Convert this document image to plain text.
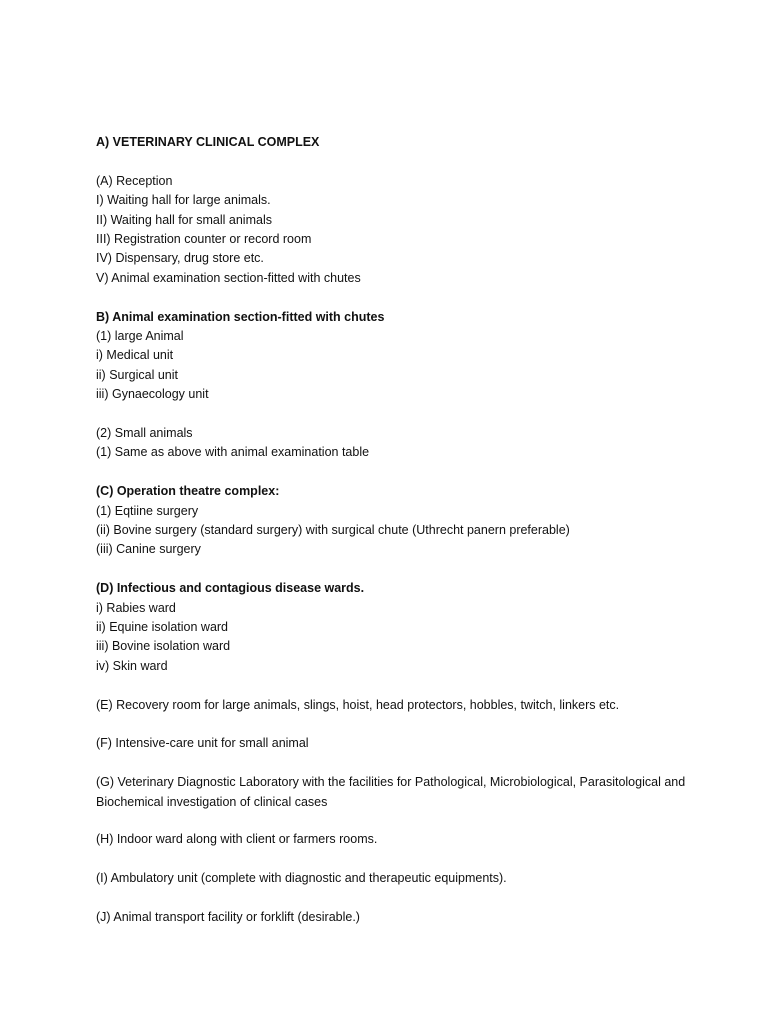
A) VETERINARY CLINICAL COMPLEX
(A) Reception
I) Waiting hall for large animals.
II) Waiting hall for small animals
III) Registration counter or record room
IV) Dispensary, drug store etc.
V) Animal examination section-fitted with chutes
B) Animal examination section-fitted with chutes
(1) large Animal
i) Medical unit
ii) Surgical unit
iii) Gynaecology unit
(2) Small animals
(1) Same as above with animal examination table
(C) Operation theatre complex:
(1) Eqtiine surgery
(ii) Bovine surgery (standard surgery) with surgical chute (Uthrecht panern preferable)
(iii) Canine surgery
(D) Infectious and contagious disease wards.
i) Rabies ward
ii) Equine isolation ward
iii) Bovine isolation ward
iv) Skin ward
(E) Recovery room for large animals, slings, hoist, head protectors, hobbles, twitch, linkers etc.
(F) Intensive-care unit for small animal
(G) Veterinary Diagnostic Laboratory with the facilities for Pathological, Microbiological, Parasitological and Biochemical investigation of clinical cases
(H) Indoor ward along with client or farmers rooms.
(I) Ambulatory unit (complete with diagnostic and therapeutic equipments).
(J) Animal transport facility or forklift (desirable.)
